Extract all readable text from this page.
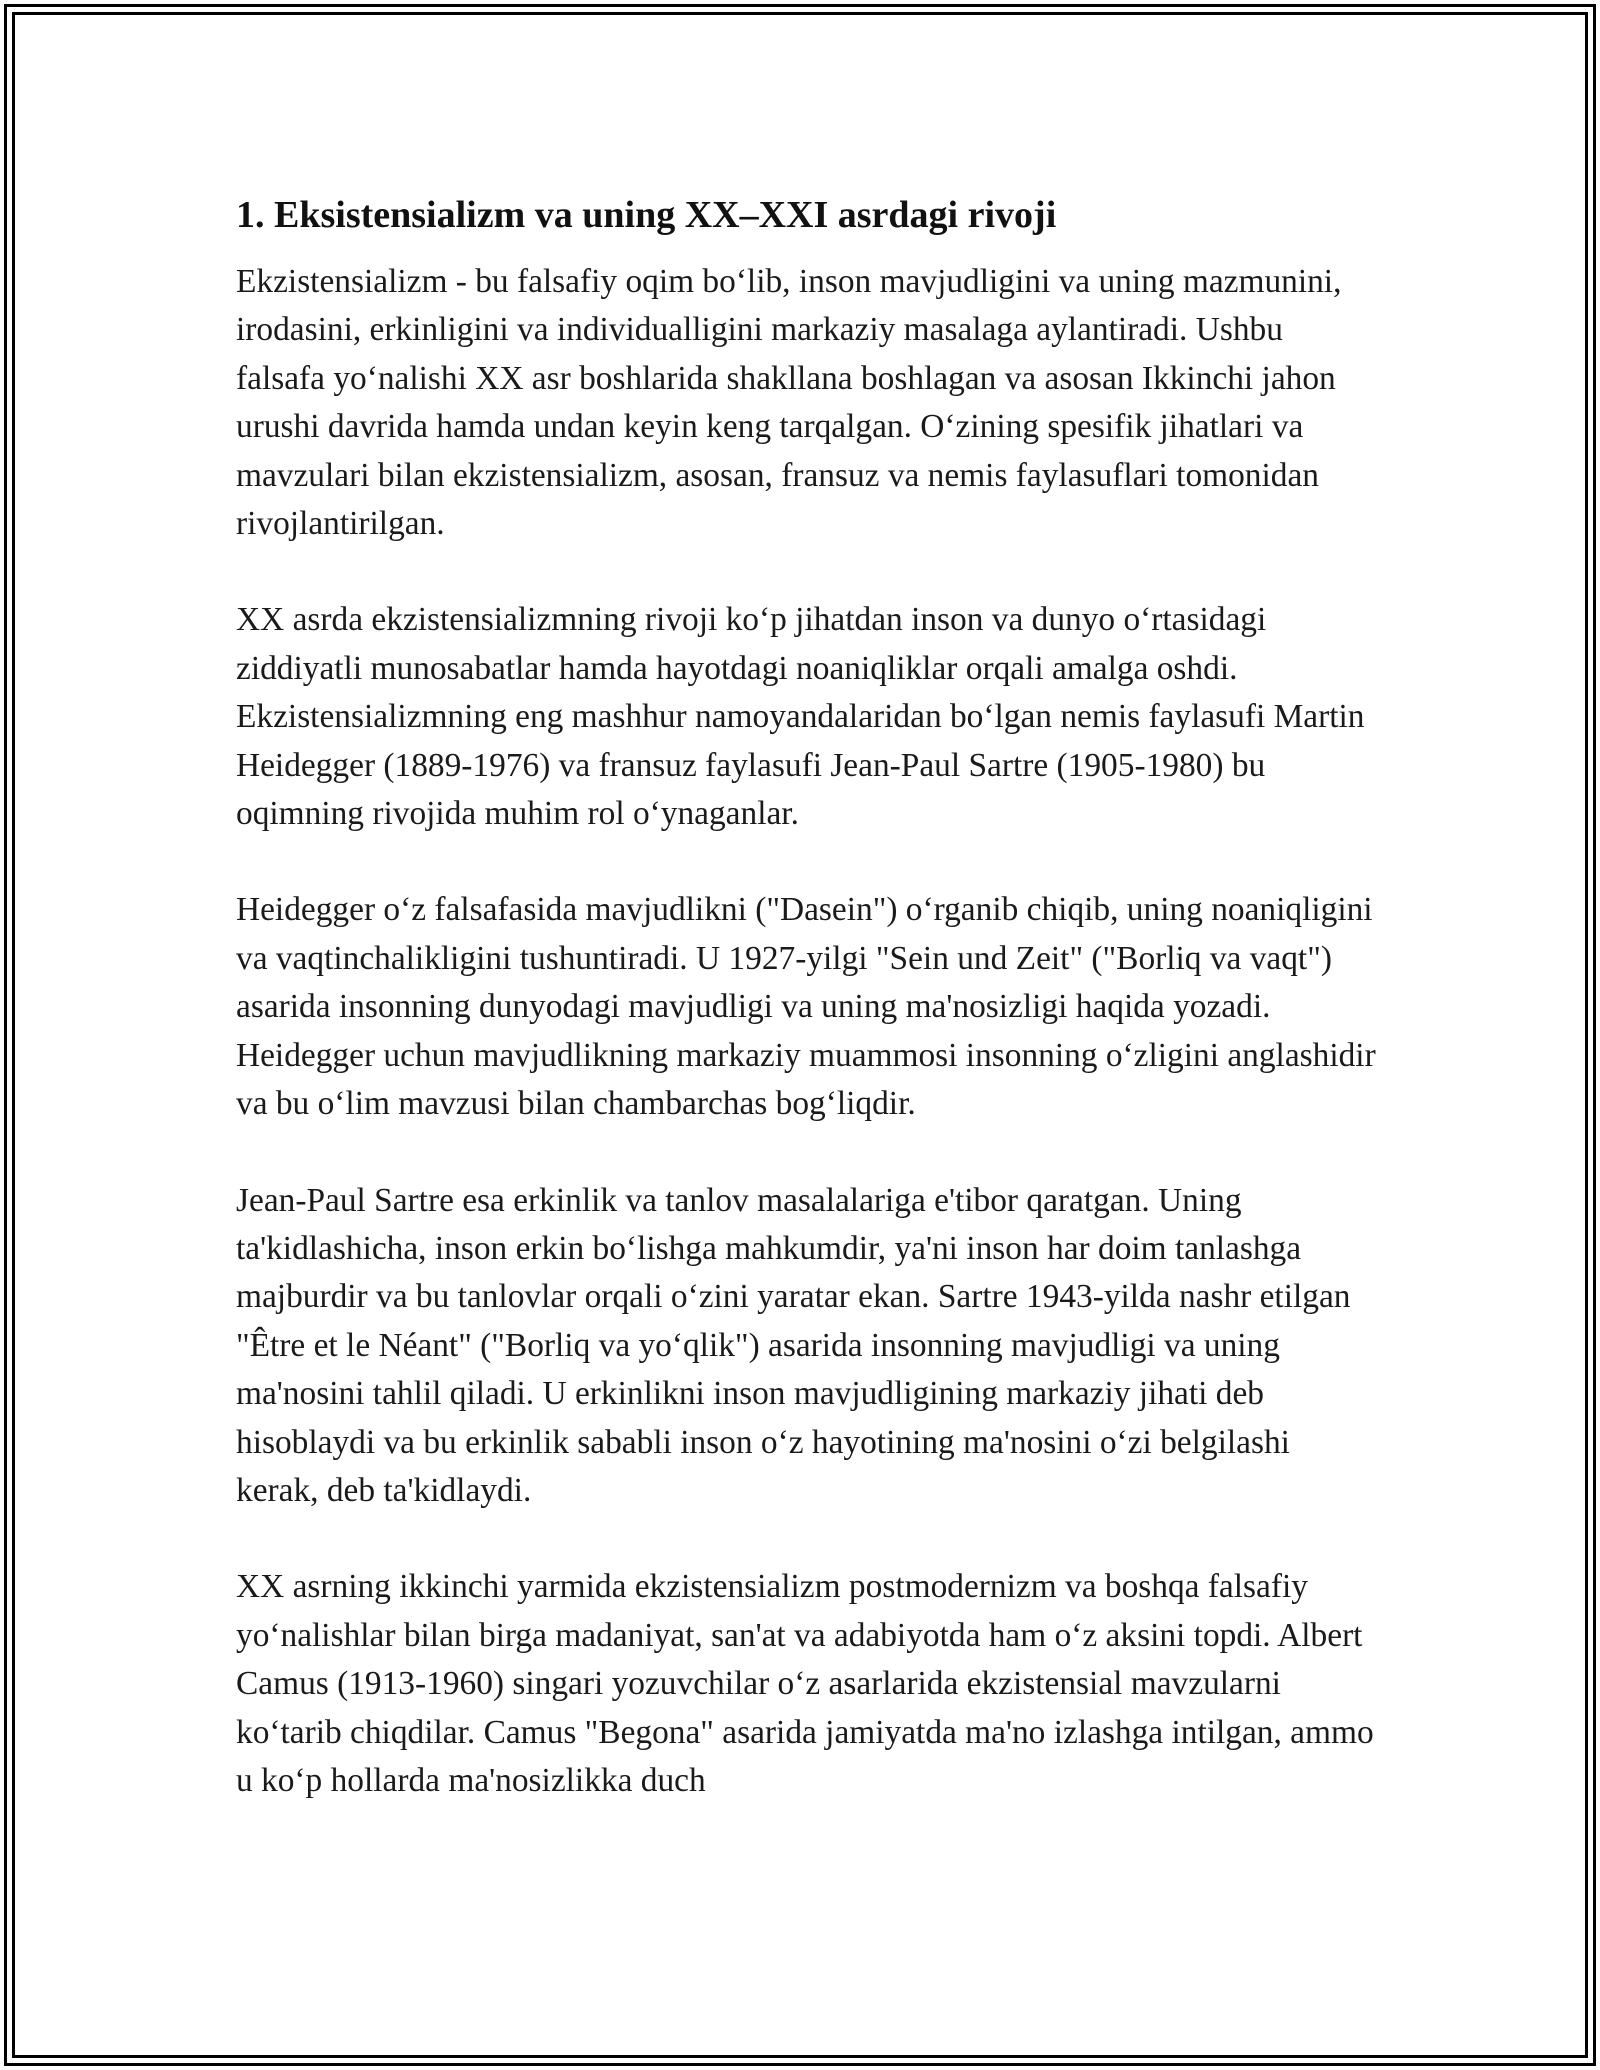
1. Eksistensializm va uning XX–XXI asrdagi rivoji

Ekzistensializm - bu falsafiy oqim bo‘lib, inson mavjudligini va uning mazmunini, irodasini, erkinligini va individualligini markaziy masalaga aylantiradi. Ushbu falsafa yo‘nalishi XX asr boshlarida shakllana boshlagan va asosan Ikkinchi jahon urushi davrida hamda undan keyin keng tarqalgan. O‘zining spesifik jihatlari va mavzulari bilan ekzistensializm, asosan, fransuz va nemis faylasuflari tomonidan rivojlantirilgan.

XX asrda ekzistensializmning rivoji ko‘p jihatdan inson va dunyo o‘rtasidagi ziddiyatli munosabatlar hamda hayotdagi noaniqliklar orqali amalga oshdi. Ekzistensializmning eng mashhur namoyandalaridan bo‘lgan nemis faylasufi Martin Heidegger (1889-1976) va fransuz faylasufi Jean-Paul Sartre (1905-1980) bu oqimning rivojida muhim rol o‘ynaganlar.

Heidegger o‘z falsafasida mavjudlikni ("Dasein") o‘rganib chiqib, uning noaniqligini va vaqtinchalikligini tushuntiradi. U 1927-yilgi "Sein und Zeit" ("Borliq va vaqt") asarida insonning dunyodagi mavjudligi va uning ma'nosizligi haqida yozadi. Heidegger uchun mavjudlikning markaziy muammosi insonning o‘zligini anglashidir va bu o‘lim mavzusi bilan chambarchas bog‘liqdir.

Jean-Paul Sartre esa erkinlik va tanlov masalalariga e'tibor qaratgan. Uning ta'kidlashicha, inson erkin bo‘lishga mahkumdir, ya'ni inson har doim tanlashga majburdir va bu tanlovlar orqali o‘zini yaratar ekan. Sartre 1943-yilda nashr etilgan "Être et le Néant" ("Borliq va yo‘qlik") asarida insonning mavjudligi va uning ma'nosini tahlil qiladi. U erkinlikni inson mavjudligining markaziy jihati deb hisoblaydi va bu erkinlik sababli inson o‘z hayotining ma'nosini o‘zi belgilashi kerak, deb ta'kidlaydi.

XX asrning ikkinchi yarmida ekzistensializm postmodernizm va boshqa falsafiy yo‘nalishlar bilan birga madaniyat, san'at va adabiyotda ham o‘z aksini topdi. Albert Camus (1913-1960) singari yozuvchilar o‘z asarlarida ekzistensial mavzularni ko‘tarib chiqdilar. Camus "Begona" asarida jamiyatda ma'no izlashga intilgan, ammo u ko‘p hollarda ma'nosizlikka duch
